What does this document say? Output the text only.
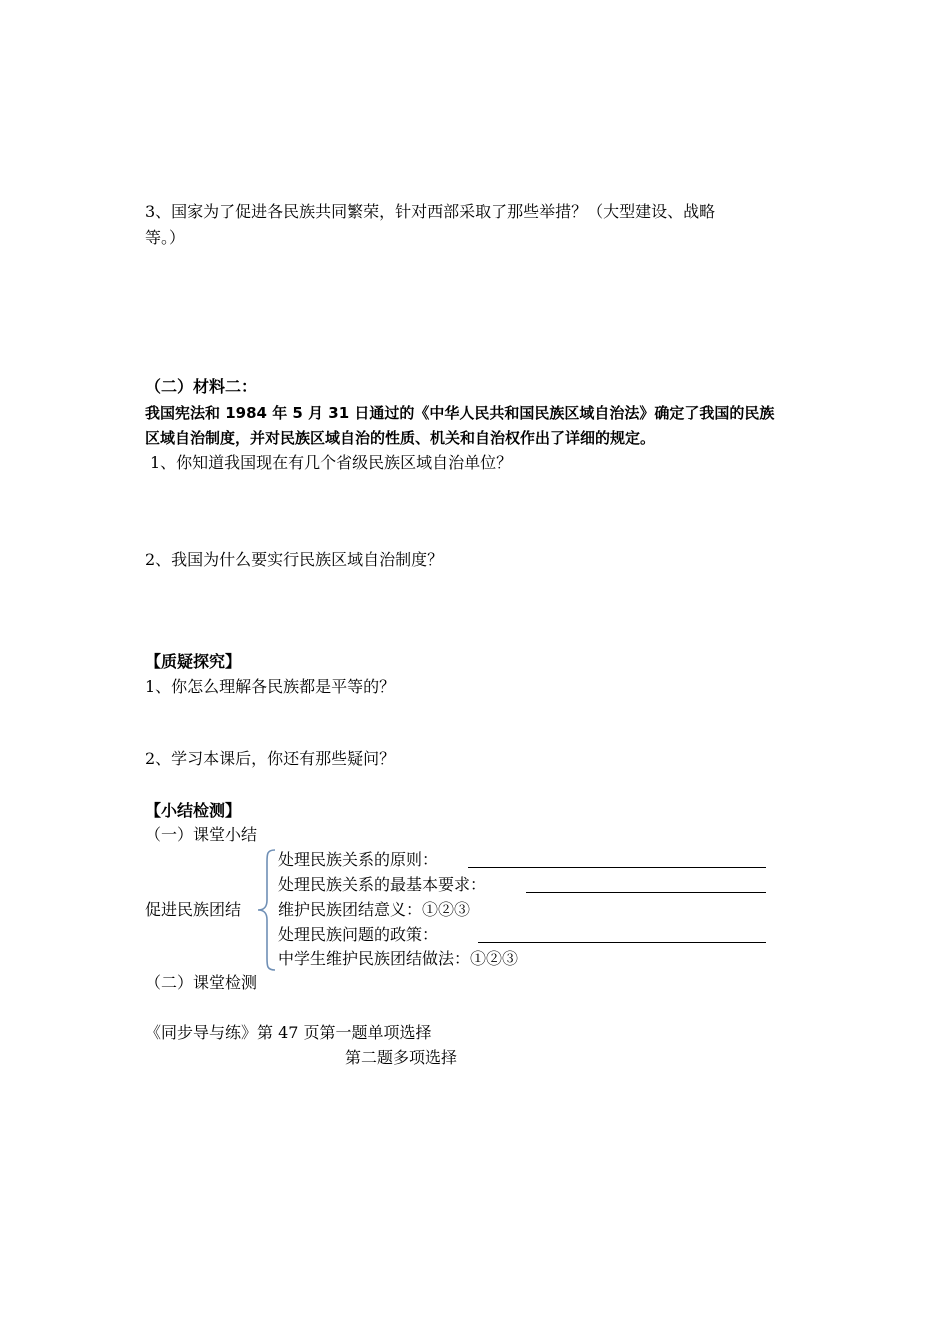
3、国家为了促进各民族共同繁荣，针对西部采取了那些举措？（大型建设、战略
等。）
（二）材料二：
我国宪法和 1984 年 5 月 31 日通过的《中华人民共和国民族区域自治法》确定了我国的民族
区域自治制度，并对民族区域自治的性质、机关和自治权作出了详细的规定。
1、你知道我国现在有几个省级民族区域自治单位？
2、我国为什么要实行民族区域自治制度？
【质疑探究】
1、你怎么理解各民族都是平等的？
2、学习本课后，你还有那些疑问？
【小结检测】
（一）课堂小结
促进民族团结
处理民族关系的原则：
处理民族关系的最基本要求：
维护民族团结意义：①②③
处理民族问题的政策：
中学生维护民族团结做法：①②③
（二）课堂检测
《同步导与练》第 47 页第一题单项选择
第二题多项选择
